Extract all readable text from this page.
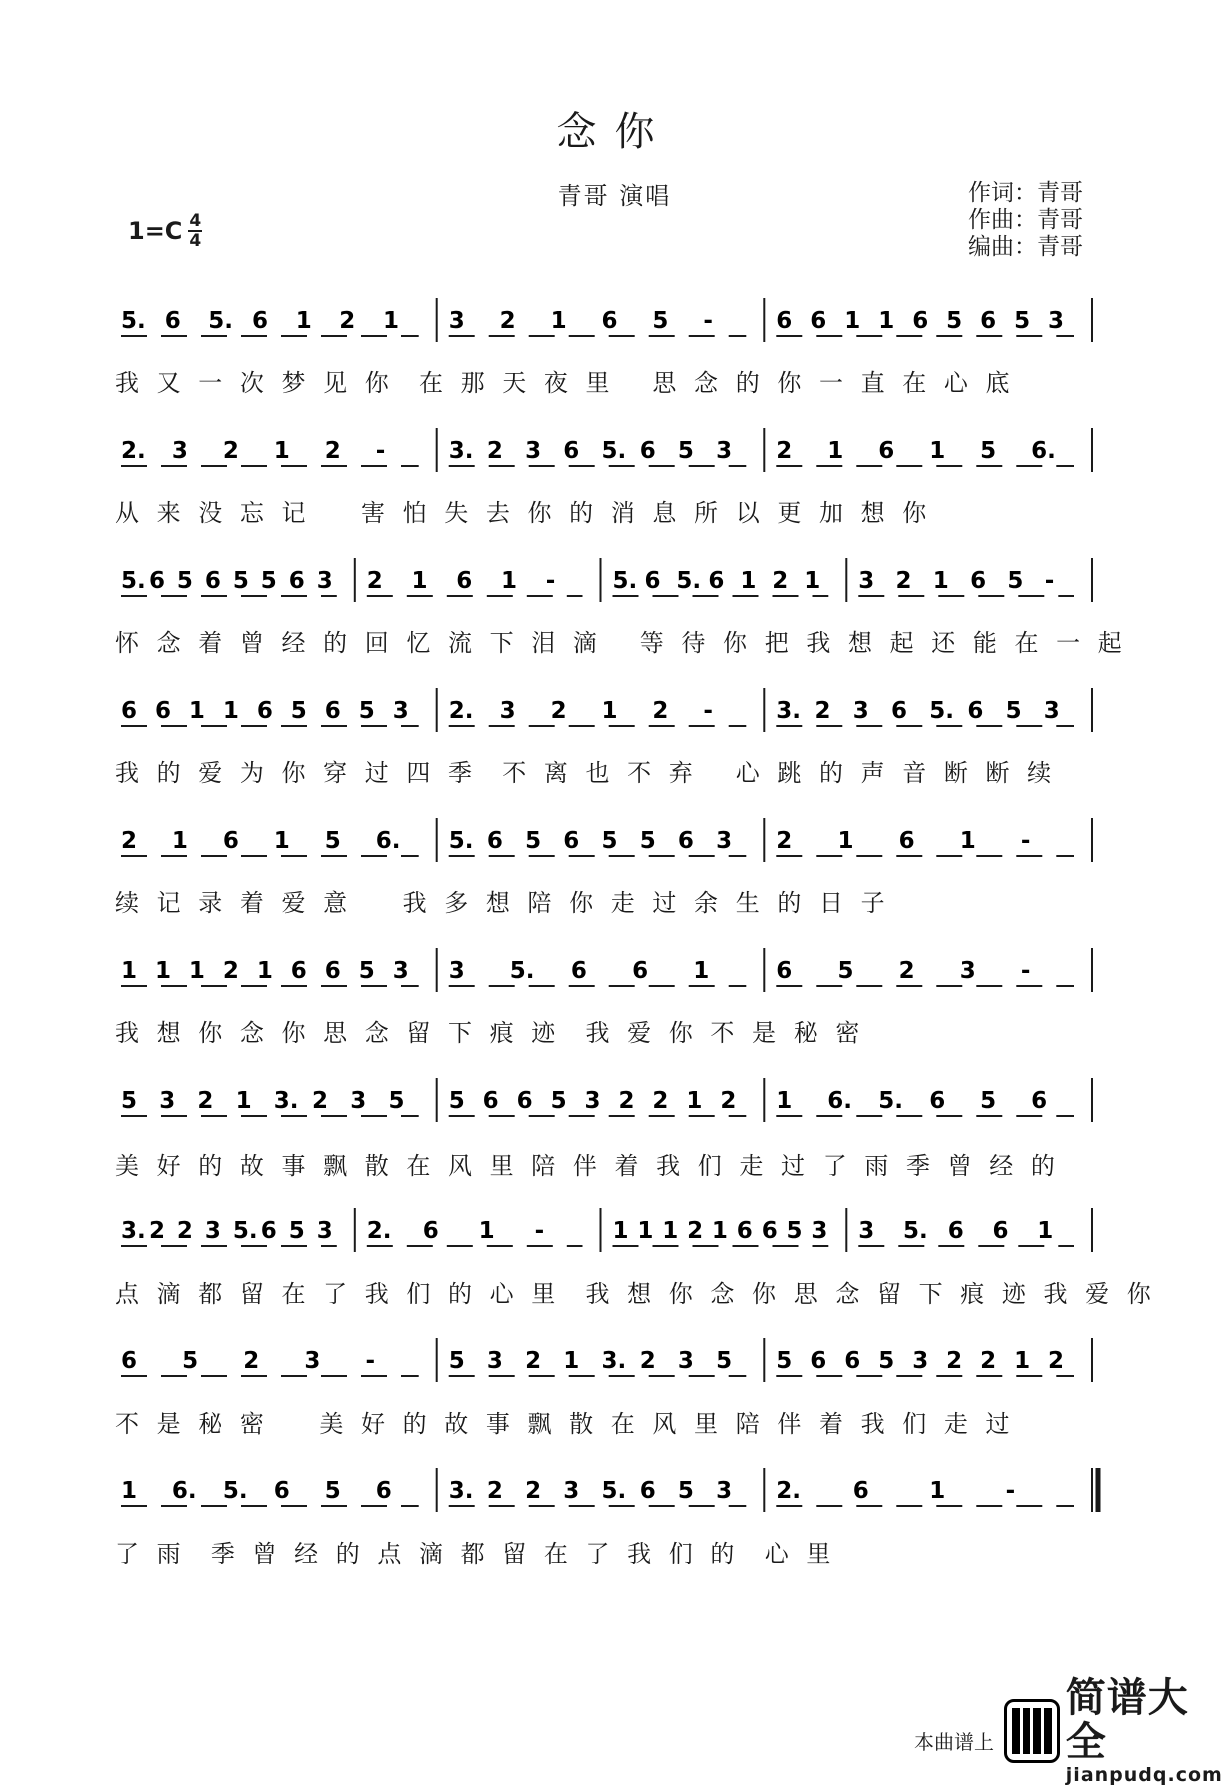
念你
青哥 演唱	作词：青哥
作曲：青哥
编曲：青哥
$1=C \frac{4}{4}$
5. 6 5. 6 1 2 1 3 2 1 6 5 -	6 6 1 1 6 5 6 5 3
2. 3 2 1 2 -	3. 2 3 6 5. 6 5 3 2 1 6 1 5 6.
5. 6 5 6 5 5 6 3 2 1 6 1 - 5. 6 5. 6 1 2 1 3 2 1 6 5 -
6 6 1 1 6 5 6 5 3 2. 3 2 1 2 -	3. 2 3 6 5. 6 5 3
2 1 6 1 5 6. 5. 6 5 6 5 5 6 3 2 1 6 1 -
1 1 1 2 1 6 6 5 3 3 5. 6 6 1	6 5 2 3 -
5 3 2 1 3. 2 3 5 5 6 6 5 3 2 2 1 2 1 6. 5. 6 5 6
3. 2 2 3 5. 6 5 3 2. 6 1 -	1 1 1 2 1 6 6 5 3 3 5. 6 6 1
6 5 2 3 -	5 3 2 1 3. 2 3 5 5 6 6 5 3 2 2 1 2
1 6. 5. 6 5 6 3. 2 2 3 5. 6 5 3 2. 6	1	-
我 又 一 次 梦 见 你  在 那 天 夜 里   思 念 的 你 一 直 在 心 底
从 来 没 忘 记    害 怕 失 去 你 的 消 息 所 以 更 加 想 你
怀 念 着 曾 经 的 回 忆 流 下 泪 滴   等 待 你 把 我 想 起 还 能 在 一 起
我 的 爱 为 你 穿 过 四 季  不 离 也 不 弃   心 跳 的 声 音 断 断 续
续 记 录 着 爱 意    我 多 想 陪 你 走 过 余 生 的 日 子
我 想 你 念 你 思 念 留 下 痕 迹  我 爱 你 不 是 秘 密
美 好 的 故 事 飘 散 在 风 里 陪 伴 着 我 们 走 过 了 雨 季 曾 经 的
点 滴 都 留 在 了 我 们 的 心 里  我 想 你 念 你 思 念 留 下 痕 迹 我 爱 你
不 是 秘 密    美 好 的 故 事 飘 散 在 风 里 陪 伴 着 我 们 走 过
了 雨  季 曾 经 的 点 滴 都 留 在 了 我 们 的  心 里
本曲谱上
简谱大全
jianpudq.com
